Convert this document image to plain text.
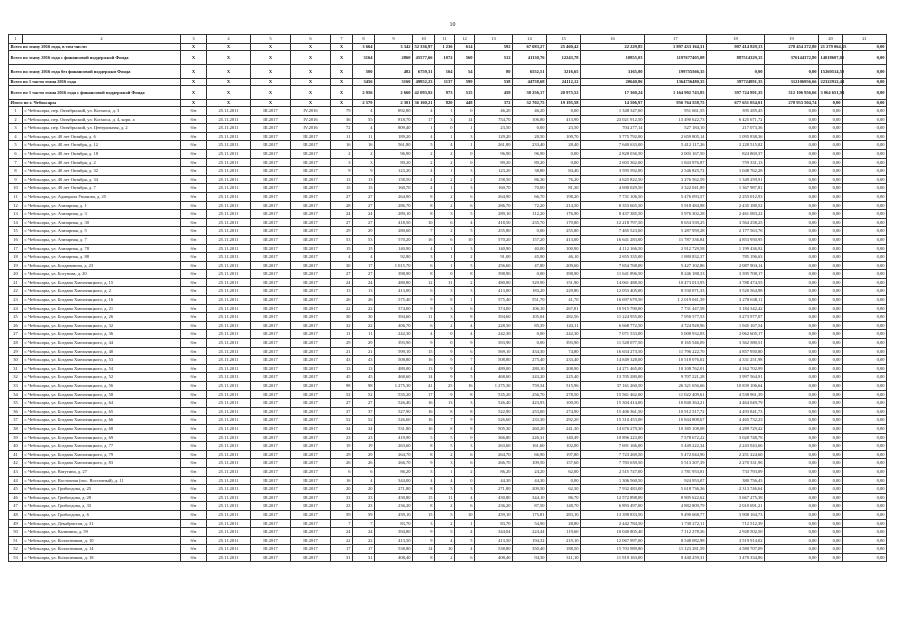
10
1	2	3	4	5	6	7	8	9	10	11	12	13	14	15	16	17	18	19	20	21	
Всего по этапу 2016 года, в том числе:		X	X	X	X	X	3 664	3 342	52 336,97	1 236	614	592	67 683,27	25 460,42	22 229,85	1 897 433 164,31	907 414 829,13	278 454 272,80	21 279 064,55	0,00	
Всего по этапу 2016 года с финансовой поддержкой Фонда		X	X	X	X	X	3164	2860	45577,66	1072	560	512	41130,76	12243,78	10855,03	1197677405,08	887514329,15	376144372,80	14018607,05	0,00	
Всего по этапу 2016 года без финансовой поддержки Фонда		X	X	X	X	X	500	482	6759,31	164	54	80	6552,51	3216,65	3165,80	199755566,35	0,00	0,00	15260514,50	0,00	
Всего по 1 части этапа 2016 года		X	X	X	X	X	3456	3160	49852,23	1137	599	538	44758,68	24112,12	20640,86	1364756480,35	397724891,35	312106956,66	22322912,44	0,00	
Всего по 1 части этапа 2016 года с финансовой поддержкой Фонда		X	X	X	X	X	2 956	2 660	42 093,92	973	515	458	38 256,17	20 975,52	17 360,24	1 164 902 743,85	397 724 891,35	312 106 956,66	3 064 651,94	0,00	
Итого по г. Чебоксары		X	X	X	X	X	2 579	2 301	36 160,21	820	448	372	32 702,75	19 195,58	14 506,97	956 764 558,75	677 651 054,01	278 953 504,74	0,00	0,00	
1	г. Чебоксары, пер. Октябрьский, ул. Космоса, д. 3	б/н	25.11.2011	III.2017	IV.2016	79	4	892,80	4	1	0	46,20	46,20	0,00	1 348 347,00	951 661,55	395 285,45	0,00	0,00	0,00	
2	г. Чебоксары, пер. Октябрьский, ул. Космоса, д. 4, корп. а	б/н	25.11.2011	III.2017	IV.2016	36	55	818,70	17	3	14	754,70	106,80	413,90	23 021 912,50	13 490 622,73	6 425 671,72	0,00	0,00	0,00	
3	г. Чебоксары, пер. Октябрьский, ул. Центральная, д. 2	б/н	25.11.2011	III.2017	IV.2016	72	4	809,40	1	0	1	23,50	0,00	23,50	704 277,14	527 184,10	217 073,36	0,00	0,00	0,00	
4	г. Чебоксары, ул. 40 лет Октября, д. 6	б/н	25.11.2011	III.2017	III.2017	11	11	189,20	4	1	3	129,20	28,50	100,70	3 775 792,00	2 659 805,14	1 095 838,36	0,00	0,00	0,00	
5	г. Чебоксары, ул. 40 лет Октября, д. 12	б/н	25.11.2011	III.2017	III.2017	16	16	561,80	5	4	1	261,80	233,40	28,40	7 640 633,00	5 412 117,26	2 228 515,82	0,00	0,00	0,00	
6	г. Чебоксары, ул. 40 лет Октября, д. 18	б/н	25.11.2011	III.2017	III.2017	2	2	96,90	2	2	0	96,90	96,90	0,00	2 828 036,50	2 003 167,50	824 869,37	0,00	0,00	0,00	
7	г. Чебоксары, ул. 40 лет Октября, д. 2	б/н	25.11.2011	III.2017	III.2017	3	3	89,20	2	2	0	89,20	89,20	0,00	2 603 362,00	1 843 976,87	759 331,13	0,00	0,00	0,00	
8	г. Чебоксары, ул. 40 лет Октября, д. 32	б/н	25.11.2011	III.2017	III.2017	9	9	123,20	4	1	3	123,20	38,80	84,40	3 595 592,00	2 546 825,72	1 048 762,28	0,00	0,00	0,00	
9	г. Чебоксары, ул. 40 лет Октября, д. 34	б/н	25.11.2011	III.2017	III.2017	13	13	158,50	4	2	2	158,50	86,30	76,20	4 625 822,50	3 276 562,59	1 349 259,91	0,00	0,00	0,00	
10	г. Чебоксары, ул. 40 лет Октября, д. 7	б/н	25.11.2011	III.2017	III.2017	15	15	160,70	4	1	3	160,70	70,00	81,30	4 690 029,50	3 322 041,89	1 367 987,81	0,00	0,00	0,00	
11	г. Чебоксары, ул. Адмирала Ушакова, д. 25	б/н	25.11.2011	III.2017	III.2017	27	27	264,90	8	2	6	264,90	66,70	198,20	7 731 106,50	5 476 093,57	2 255 012,93	0,00	0,00	0,00	
12	г. Чебоксары, ул. Азизарная, д. 1	б/н	25.11.2011	III.2017	III.2017	28	27	286,70	8	2	6	286,70	72,20	214,50	8 353 665,50	5 918 484,98	2 435 180,52	0,00	0,00	0,00	
13	г. Чебоксары, ул. Азизарная, д. 3	б/н	25.11.2011	III.2017	III.2017	24	24	289,10	8	3	5	289,10	112,20	176,90	8 437 385,50	5 976 302,28	2 461 083,22	0,00	0,00	0,00	
14	г. Чебоксары, ул. Азизарная, д. 30	б/н	25.11.2011	III.2017	III.2017	27	27	418,50	10	6	4	418,50	235,70	179,80	12 218 797,50	8 654 539,25	3 564 258,25	0,00	0,00	0,00	
15	г. Чебоксары, ул. Азизарная, д. 5	б/н	25.11.2011	III.2017	III.2017	29	29	280,60	7	2	5	255,80	0,00	255,80	7 465 523,00	5 287 959,28	2 177 563,76	0,00	0,00	0,00	
16	г. Чебоксары, ул. Азизарная, д. 7	б/н	25.11.2011	III.2017	III.2017	53	53	570,20	16	6	10	570,20	157,20	413,00	16 641 283,00	11 787 336,84	4 853 950,95	0,00	0,00	0,00	
17	г. Чебоксары, ул. Азизарная, д. 78	б/н	25.11.2011	III.2017	III.2017	15	15	140,90	4	1	3	140,90	40,00	100,90	4 112 166,50	2 912 729,58	1 199 436,92	0,00	0,00	0,00	
18	г. Чебоксары, ул. Азизарная, д. 88	б/н	25.11.2011	III.2017	III.2017	4	4	92,80	3	1	2	91,00	45,90	46,10	2 655 335,00	1 880 832,37	785 196,63	0,00	0,00	0,00	
19	г. Чебоксары, ул. Богдановича, д. 23	б/н	25.11.2011	III.2017	III.2017	30	17	1 015,70	6	1	5	256,60	47,80	209,60	7 654 768,00	5 427 102,86	2 087 904,14	0,00	0,00	0,00	
20	г. Чебоксары, ул. Богунова, д. 20	б/н	25.11.2011	III.2017	III.2017	27	27	398,90	8	0	8	398,90	0,00	398,90	11 641 896,50	8 246 188,33	3 395 708,17	0,00	0,00	0,00	
21	г. Чебоксары, ул. Богдана Хмельницкого, д. 15	б/н	25.11.2011	III.2017	III.2017	24	24	480,80	12	11	2	480,80	329,90	151,90	14 061 488,50	10 473 013,95	3 788 474,55	0,00	0,00	0,00	
22	г. Чебоксары, ул. Богдана Хмельницкого, д. 2	б/н	25.11.2011	III.2017	III.2017	13	13	413,00	6	3	3	413,00	183,20	229,80	12 053 405,00	8 530 071,33	3 520 564,98	0,00	0,00	0,00	
23	г. Чебоксары, ул. Богдана Хмельницкого, д. 16	б/н	25.11.2011	III.2017	III.2017	26	26	575,40	9	8	1	575,40	551,70	41,70	16 697 679,50	1 2 019 041,39	3 278 638,11	0,00	0,00	0,00	
24	г. Чебоксары, ул. Богдана Хмельницкого, д. 21	б/н	25.11.2011	III.2017	III.2017	22	22	374,00	9	3	6	374,00	106,10	267,81	10 915 790,00	7 731 447,58	3 184 342,42	0,00	0,00	0,00	
25	г. Чебоксары, ул. Богдана Хмельницкого, д. 26	б/н	25.11.2011	III.2017	III.2017	30	30	394,60	11	3	8	394,60	105,04	282,56	11 224 955,00	7 950 577,53	3 273 977,07	0,00	0,00	0,00	
26	г. Чебоксары, ул. Богдана Хмельницкого, д. 32	б/н	25.11.2011	III.2017	III.2017	32	22	406,70	6	2	4	228,50	85,39	143,11	6 668 772,50	4 724 928,96	1 945 167,54	0,00	0,00	0,00	
27	г. Чебоксары, ул. Богдана Хмельницкого, д. 36	б/н	25.11.2011	III.2017	III.2017	11	11	242,30	4	0	4	242,30	0,00	242,30	7 071 533,00	5 008 932,83	2 062 605,17	0,00	0,00	0,00	
28	г. Чебоксары, ул. Богдана Хмельницкого, д. 44	б/н	25.11.2011	III.2017	III.2017	29	29	393,90	9	0	9	393,90	0,00	393,90	11 528 077,50	8 165 546,09	3 362 580,51	0,00	0,00	0,00	
29	г. Чебоксары, ул. Богдана Хмельницкого, д. 40	б/н	25.11.2011	III.2017	III.2017	21	21	599,10	15	9	6	569,10	434,30	74,80	16 654 273,50	11 796 222,70	4 857 950,80	0,00	0,00	0,00	
30	г. Чебоксары, ул. Богдана Хмельницкого, д. 53	б/н	25.11.2011	III.2017	III.2017	43	43	508,80	16	9	7	508,80	275,40	233,40	14 849 328,00	10 518 076,02	4 331 251,98	0,00	0,00	0,00	
31	г. Чебоксары, ул. Богдана Хмельницкого, д. 54	б/н	25.11.2011	III.2017	III.2017	13	13	489,00	13	9	4	489,00	280,10	208,90	14 271 465,00	10 108 762,01	4 162 702,99	0,00	0,00	0,00	
32	г. Чебоксары, ул. Богдана Хмельницкого, д. 52	б/н	25.11.2011	III.2017	III.2017	45	45	468,60	14	9	5	468,60	243,20	225,40	13 705 280,00	9 707 221,28	3 997 564,91	0,00	0,00	0,00	
33	г. Чебоксары, ул. Богдана Хмельницкого, д. 56	б/н	25.11.2011	III.2017	III.2017	98	98	1 275,30	41	25	16	1 275,30	759,34	515,96	37 161 260,50	26 321 656,66	10 839 106,64	0,00	0,00	0,00	
34	г. Чебоксары, ул. Богдана Хмельницкого, д. 58	б/н	25.11.2011	III.2017	III.2017	52	52	535,20	17	9	8	535,20	256,70	278,50	15 561 462,00	11 022 409,61	4 538 961,39	0,00	0,00	0,00	
35	г. Чебоксары, ул. Богдана Хмельницкого, д. 64	б/н	25.11.2011	III.2017	III.2017	27	27	526,40	16	13	3	526,40	423,93	100,50	15 304 414,00	10 840 364,21	4 464 049,79	0,00	0,00	0,00	
36	г. Чебоксары, ул. Богдана Хмельницкого, д. 65	б/н	25.11.2011	III.2017	III.2017	37	37	527,90	16	8	8	522,90	253,00	274,90	15 406 361,50	10 912 517,72	4 493 841,73	0,00	0,00	0,00	
37	г. Чебоксары, ул. Богдана Хмельницкого, д. 66	б/н	25.11.2011	III.2017	III.2017	52	52	526,60	16	7	9	526,60	233,30	292,20	15 310 453,00	10 844 808,67	4 465 732,23	0,00	0,00	0,00	
38	г. Чебоксары, ул. Богдана Хмельницкого, д. 68	б/н	25.11.2011	III.2017	III.2017	34	34	531,80	16	8	8	505,30	260,20	241,30	14 676 279,30	10 385 108,08	4 289 729,42	0,00	0,00	0,00	
39	г. Чебоксары, ул. Богдана Хмельницкого, д. 69	б/н	25.11.2011	III.2017	III.2017	23	23	419,90	5	5	0	366,80	226,31	140,49	10 896 223,00	7 578 672,22	3 020 748,78	0,00	0,00	0,00	
40	г. Чебоксары, ул. Богдана Хмельницкого, д. 77	б/н	25.11.2011	III.2017	III.2017	19	19	263,60	8	5	3	263,60	161,60	102,00	7 691 166,00	5 449 222,34	2 243 943,66	0,00	0,00	0,00	
41	г. Чебоксары, ул. Богдана Хмельницкого, д. 79	б/н	25.11.2011	III.2017	III.2017	29	29	264,70	8	2	6	264,70	66,90	197,80	7 723 269,50	5 472 044,90	2 251 224,60	0,00	0,00	0,00	
42	г. Чебоксары, ул. Богдана Хмельницкого, д. 83	б/н	25.11.2011	III.2017	III.2017	26	26	266,70	9	3	6	266,70	109,50	157,60	7 783 639,50	5 513 307,39	2 270 331,96	0,00	0,00	0,00	
43	г. Чебоксары, ул. Ватутина, д. 27	б/н	25.11.2011	III.2017	III.2017	6	6	86,20	3	1	2	86,20	24,20	62,00	2 515 747,00	1 781 953,81	733 793,09	0,00	0,00	0,00	
44	г. Чебоксары, ул. Восточная (пос. Восточный), д. 11	б/н	25.11.2011	III.2017	III.2017	16	4	344,00	4	4	0	44,30	44,30	0,00	1 306 560,50	924 953,07	380 756,43	0,00	0,00	0,00	
45	г. Чебоксары, ул. Грибоедова, д. 25	б/н	25.11.2011	III.2017	III.2017	20	20	271,80	8	5	3	271,80	209,50	62,30	7 932 483,00	5 618 736,36	2 313 746,64	0,00	0,00	0,00	
46	г. Чебоксары, ул. Грибоедова, д. 28	б/н	25.11.2011	III.2017	III.2017	33	33	430,80	15	11	4	430,80	344,10	86,70	12 572 898,00	8 905 622,62	3 667 275,38	0,00	0,00	0,00	
47	г. Чебоксары, ул. Грибоедова, д. 33	б/н	25.11.2011	III.2017	III.2017	23	23	236,20	8	2	6	236,20	87,50	148,70	6 893 497,00	4 882 809,79	2 010 691,21	0,00	0,00	0,00	
48	г. Чебоксары, ул. Грибоедова, д. 6	б/н	25.11.2011	III.2017	III.2017	59	59	459,10	15	5	10	459,10	175,81	283,10	13 398 833,50	9 490 668,77	3 908 164,73	0,00	0,00	0,00	
49	г. Чебоксары, ул. Декабристов, д. 31	б/н	25.11.2011	III.2017	III.2017	7	7	83,70	3	2	1	83,70	54,90	28,80	2 442 784,50	1 730 272,11	712 512,39	0,00	0,00	0,00	
50	г. Чебоксары, ул. Калинина, д. 59	б/н	25.11.2011	III.2017	III.2017	24	24	394,80	9	5	4	344,04	224,44	119,60	10 040 805,40	7 112 278,36	2 928 502,50	0,00	0,00	0,00	
51	г. Чебоксары, ул. Колхозников, д. 10	б/н	25.11.2011	III.2017	III.2017	22	22	413,50	9	4	5	413,50	194,32	219,10	12 067 997,00	8 548 082,98	3 519 914,02	0,00	0,00	0,00	
52	г. Чебоксары, ул. Колхозников, д. 14	б/н	25.11.2011	III.2017	III.2017	17	17	538,80	14	10	4	538,80	350,40	188,50	15 703 989,80	11 123 281,59	4 580 707,09	0,00	0,00	0,00	
53	г. Чебоксары, ул. Колхозников, д. 18	б/н	25.11.2011	III.2017	III.2017	31	31	408,40	8	2	6	408,40	94,30	311,10	11 919 163,00	8 440 259,31	3 470 334,86	0,00	0,00	0,00	
